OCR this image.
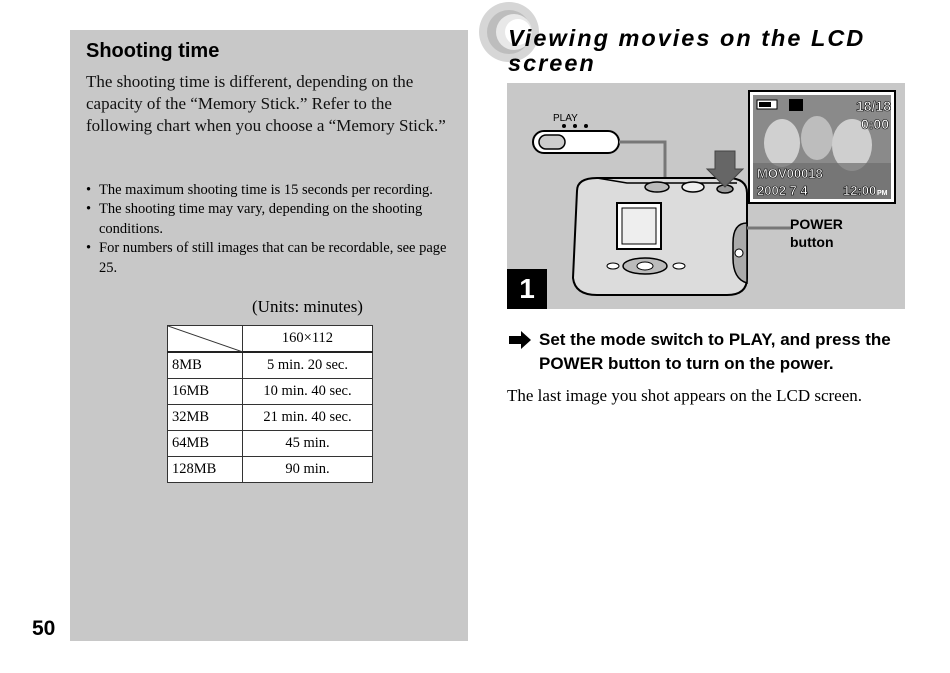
Shooting time
The shooting time is different, depending on the capacity of the “Memory Stick.” Refer to the following chart when you choose a “Memory Stick.”
• The maximum shooting time is 15 seconds per recording.
• The shooting time may vary, depending on the shooting conditions.
• For numbers of still images that can be recordable, see page 25.
(Units: minutes)
	160×112
8MB	5 min. 20 sec.
16MB	10 min. 40 sec.
32MB	21 min. 40 sec.
64MB	45 min.
128MB	90 min.
50
Viewing movies on the LCD screen
PLAY
18/18
0:00
MOV00018
2002 7 4	12:00 PM
POWER
button
1
Set the mode switch to PLAY, and press the POWER button to turn on the power.
The last image you shot appears on the LCD screen.
